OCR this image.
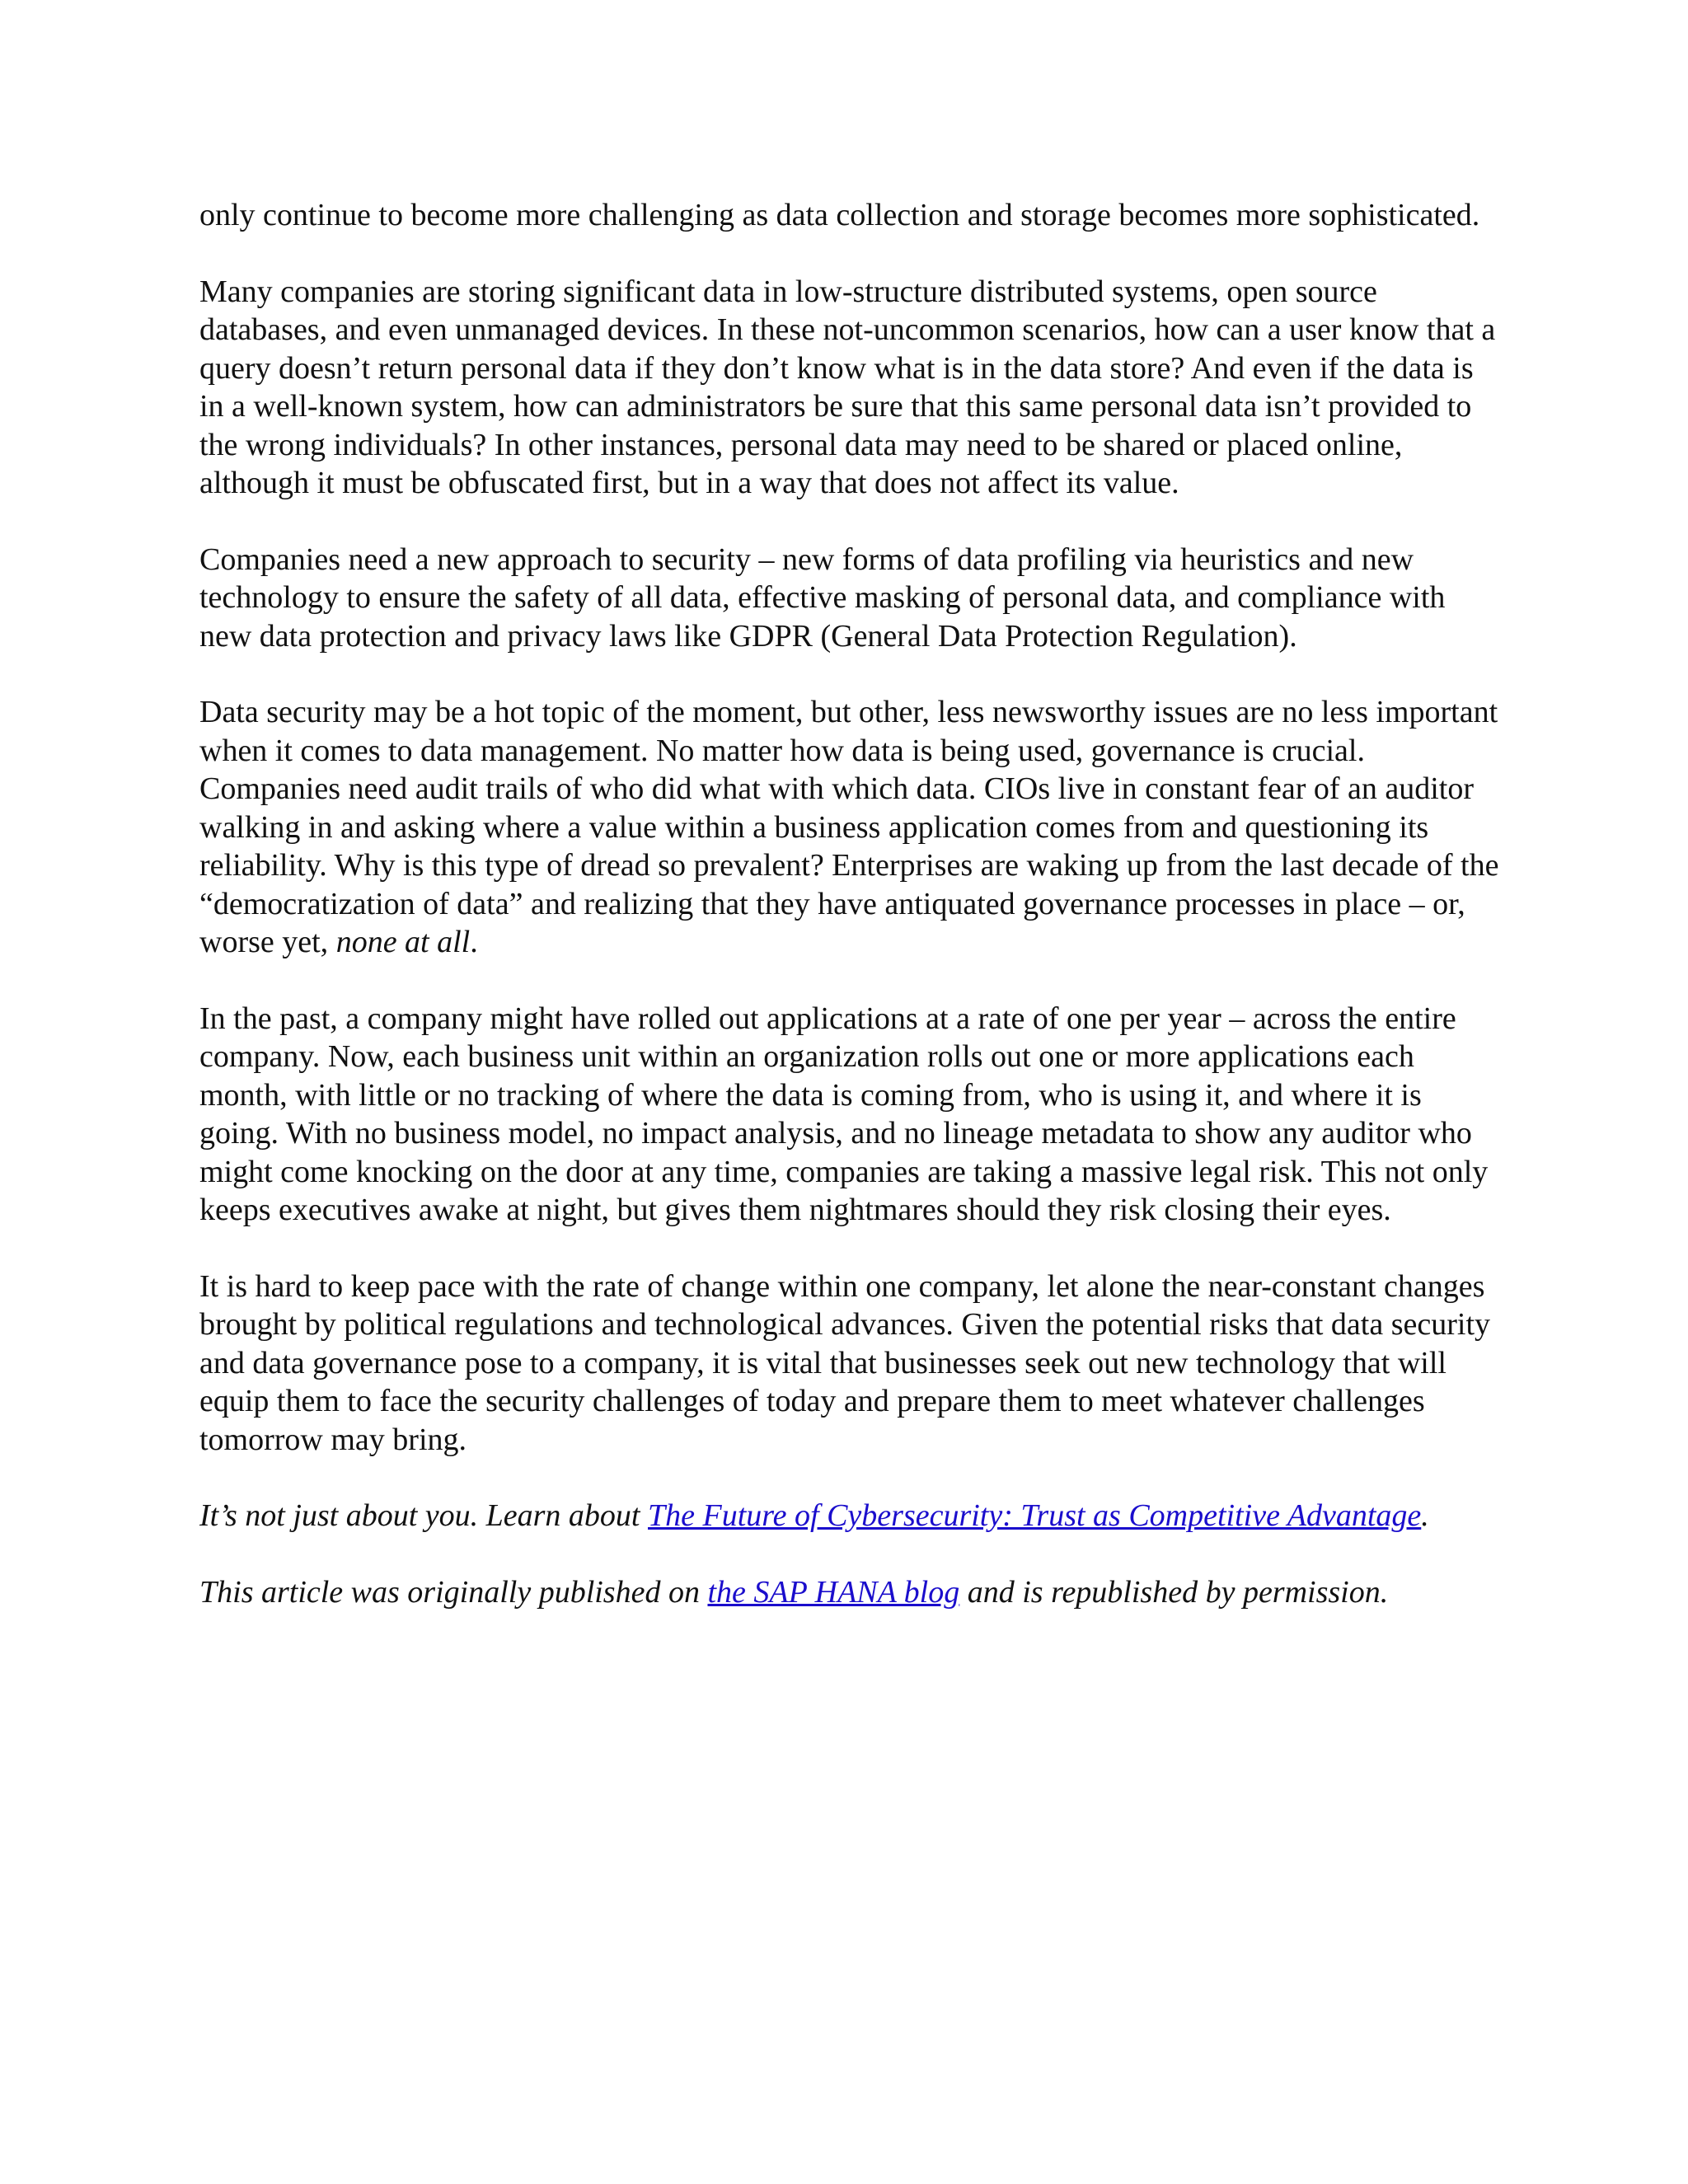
only continue to become more challenging as data collection and storage becomes more sophisticated.

Many companies are storing significant data in low-structure distributed systems, open source databases, and even unmanaged devices. In these not-uncommon scenarios, how can a user know that a query doesn’t return personal data if they don’t know what is in the data store? And even if the data is in a well-known system, how can administrators be sure that this same personal data isn’t provided to the wrong individuals? In other instances, personal data may need to be shared or placed online, although it must be obfuscated first, but in a way that does not affect its value.

Companies need a new approach to security – new forms of data profiling via heuristics and new technology to ensure the safety of all data, effective masking of personal data, and compliance with new data protection and privacy laws like GDPR (General Data Protection Regulation).

Data security may be a hot topic of the moment, but other, less newsworthy issues are no less important when it comes to data management. No matter how data is being used, governance is crucial. Companies need audit trails of who did what with which data. CIOs live in constant fear of an auditor walking in and asking where a value within a business application comes from and questioning its reliability. Why is this type of dread so prevalent? Enterprises are waking up from the last decade of the “democratization of data” and realizing that they have antiquated governance processes in place – or, worse yet, none at all.

In the past, a company might have rolled out applications at a rate of one per year – across the entire company. Now, each business unit within an organization rolls out one or more applications each month, with little or no tracking of where the data is coming from, who is using it, and where it is going. With no business model, no impact analysis, and no lineage metadata to show any auditor who might come knocking on the door at any time, companies are taking a massive legal risk. This not only keeps executives awake at night, but gives them nightmares should they risk closing their eyes.

It is hard to keep pace with the rate of change within one company, let alone the near-constant changes brought by political regulations and technological advances. Given the potential risks that data security and data governance pose to a company, it is vital that businesses seek out new technology that will equip them to face the security challenges of today and prepare them to meet whatever challenges tomorrow may bring.

It’s not just about you. Learn about The Future of Cybersecurity: Trust as Competitive Advantage.

This article was originally published on the SAP HANA blog and is republished by permission.
